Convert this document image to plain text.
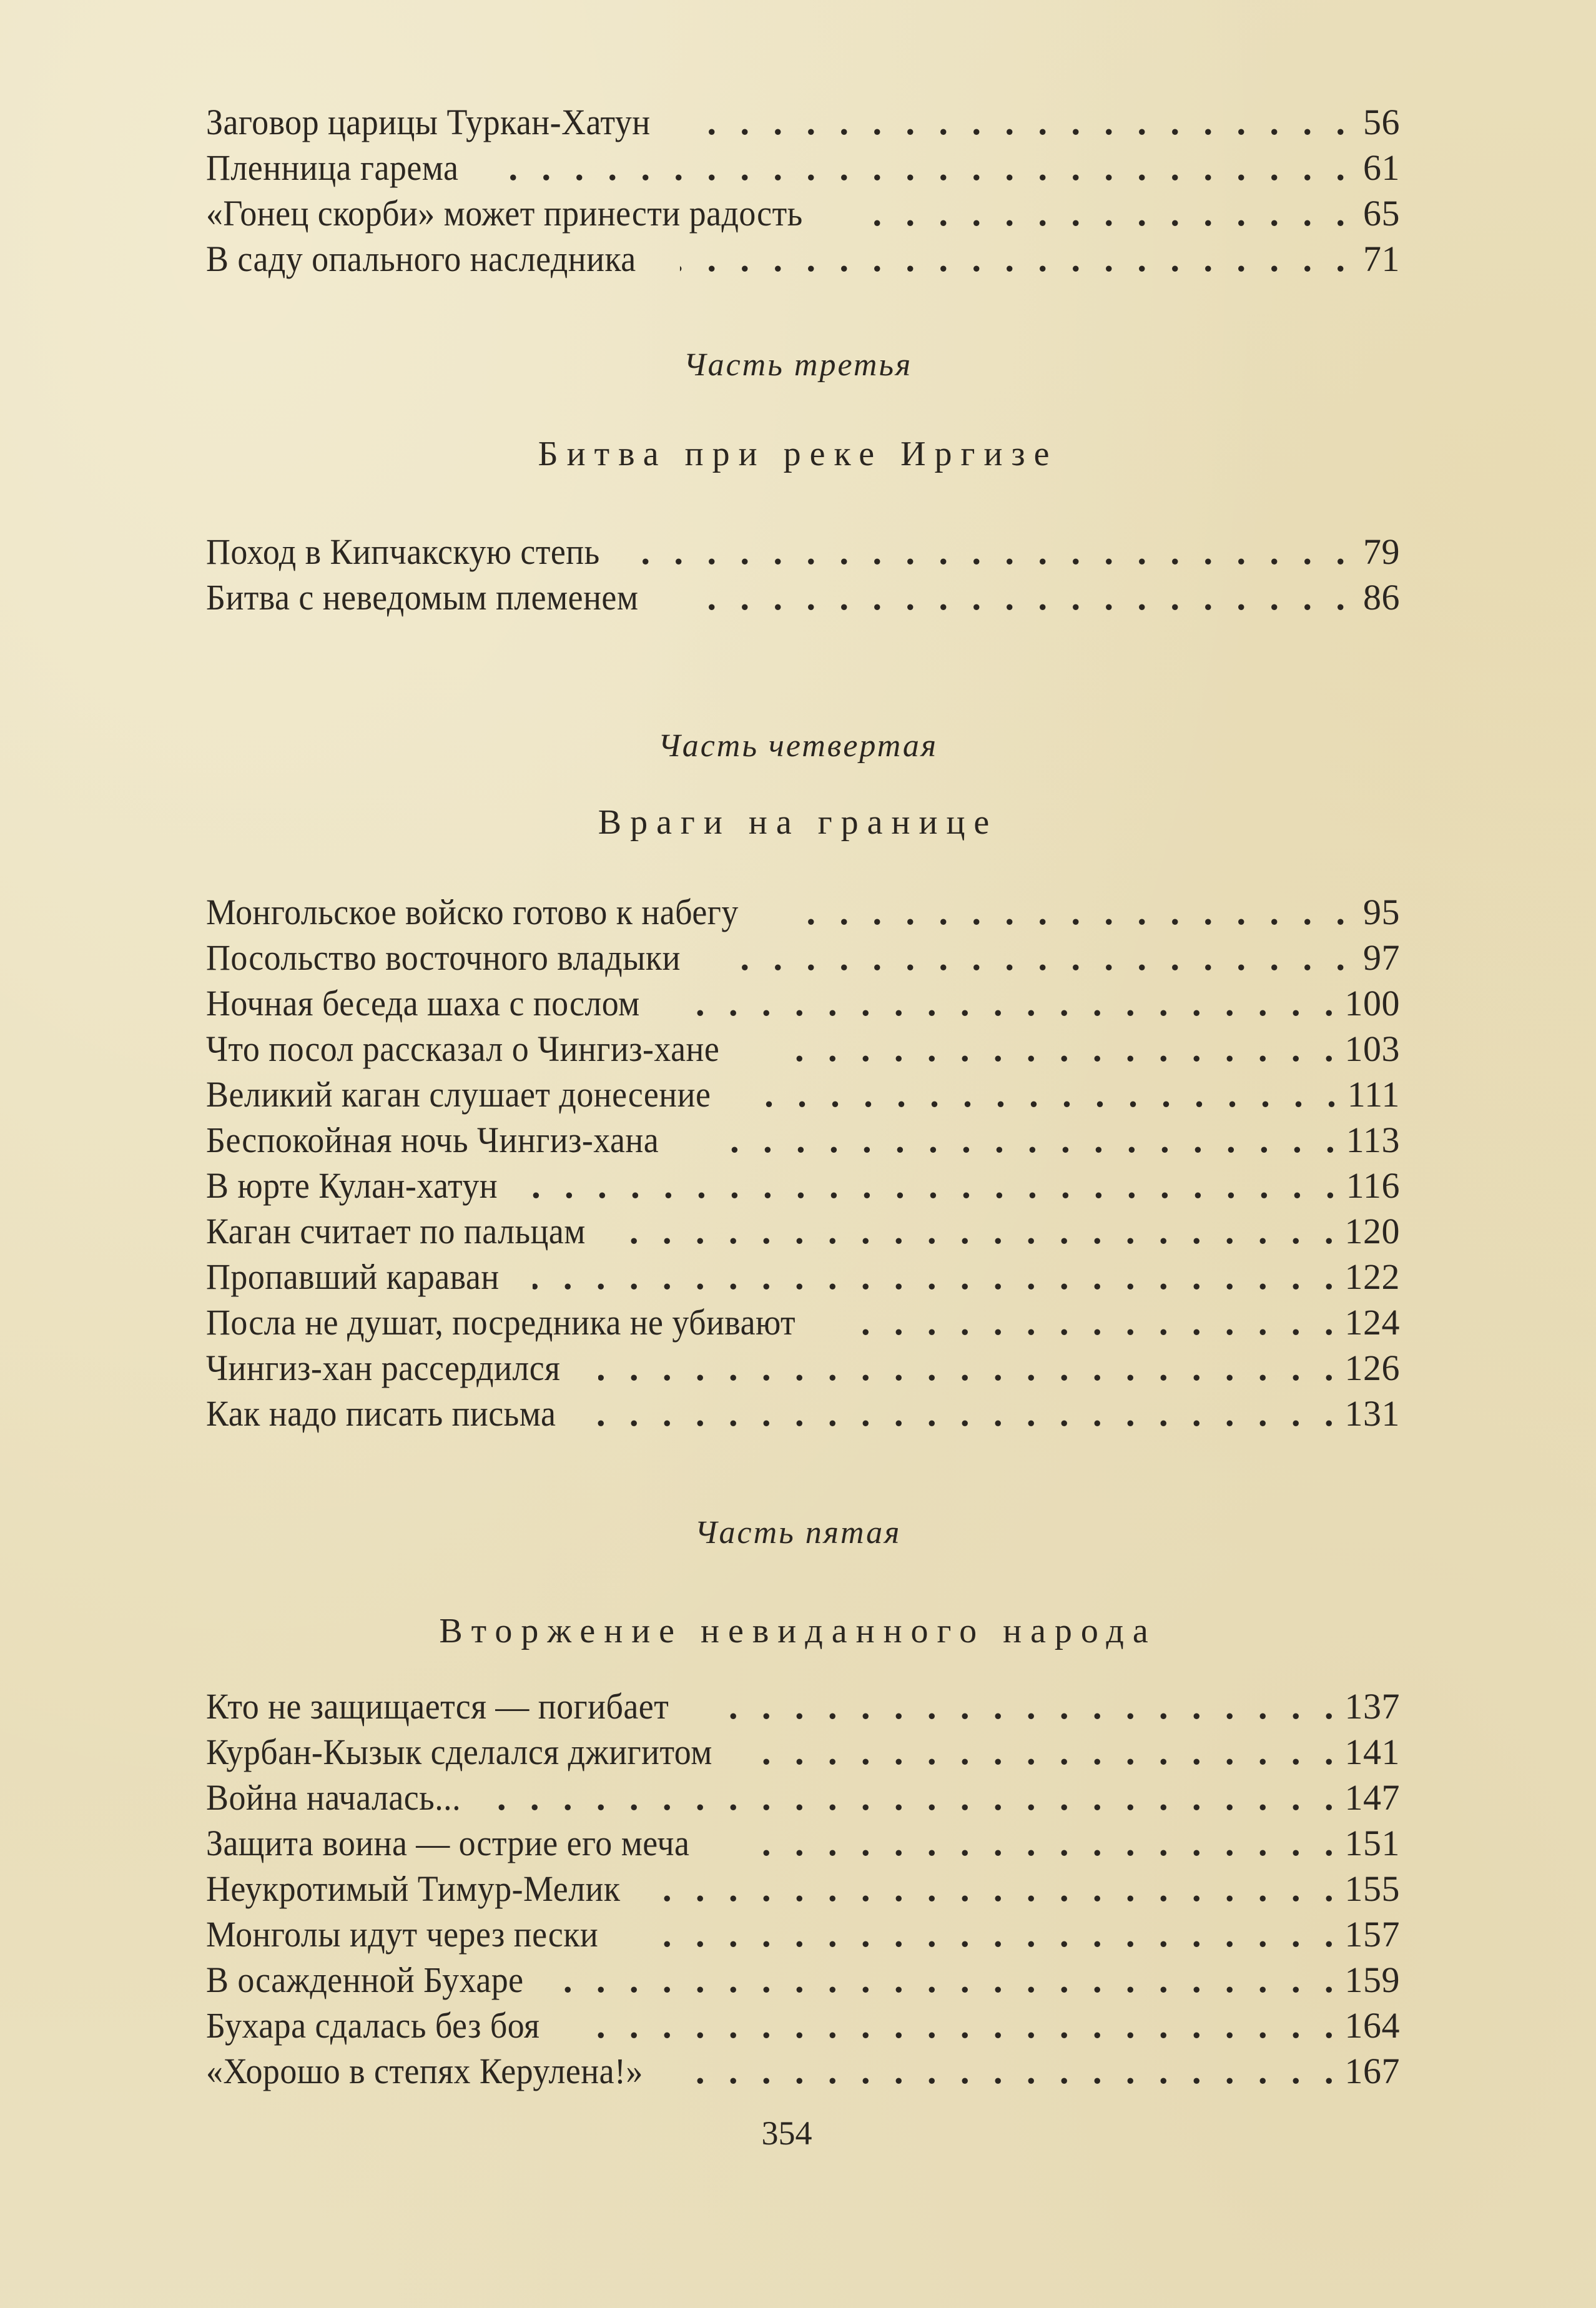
Заговор царицы Туркан-Хатун . . .	56
Пленница гарема . . .	61
«Гонец скорби» может принести радость . . .	65
В саду опального наследника . . .	71
Часть третья
Битва при реке Иргизе
Поход в Кипчакскую степь . . .	79
Битва с неведомым племенем . . .	86
Часть четвертая
Враги на границе
Монгольское войско готово к набегу . . .	95
Посольство восточного владыки . . .	97
Ночная беседа шаха с послом . . .	100
Что посол рассказал о Чингиз-хане . . .	103
Великий каган слушает донесение . . .	111
Беспокойная ночь Чингиз-хана . . .	113
В юрте Кулан-хатун . . .	116
Каган считает по пальцам . . .	120
Пропавший караван . . .	122
Посла не душат, посредника не убивают . . .	124
Чингиз-хан рассердился . . .	126
Как надо писать письма . . .	131
Часть пятая
Вторжение невиданного народа
Кто не защищается — погибает . . .	137
Курбан-Кызык сделался джигитом . . .	141
Война началась... . . .	147
Защита воина — острие его меча . . .	151
Неукротимый Тимур-Мелик . . .	155
Монголы идут через пески . . .	157
В осажденной Бухаре . . .	159
Бухара сдалась без боя . . .	164
«Хорошо в степях Керулена!» . . .	167
354
